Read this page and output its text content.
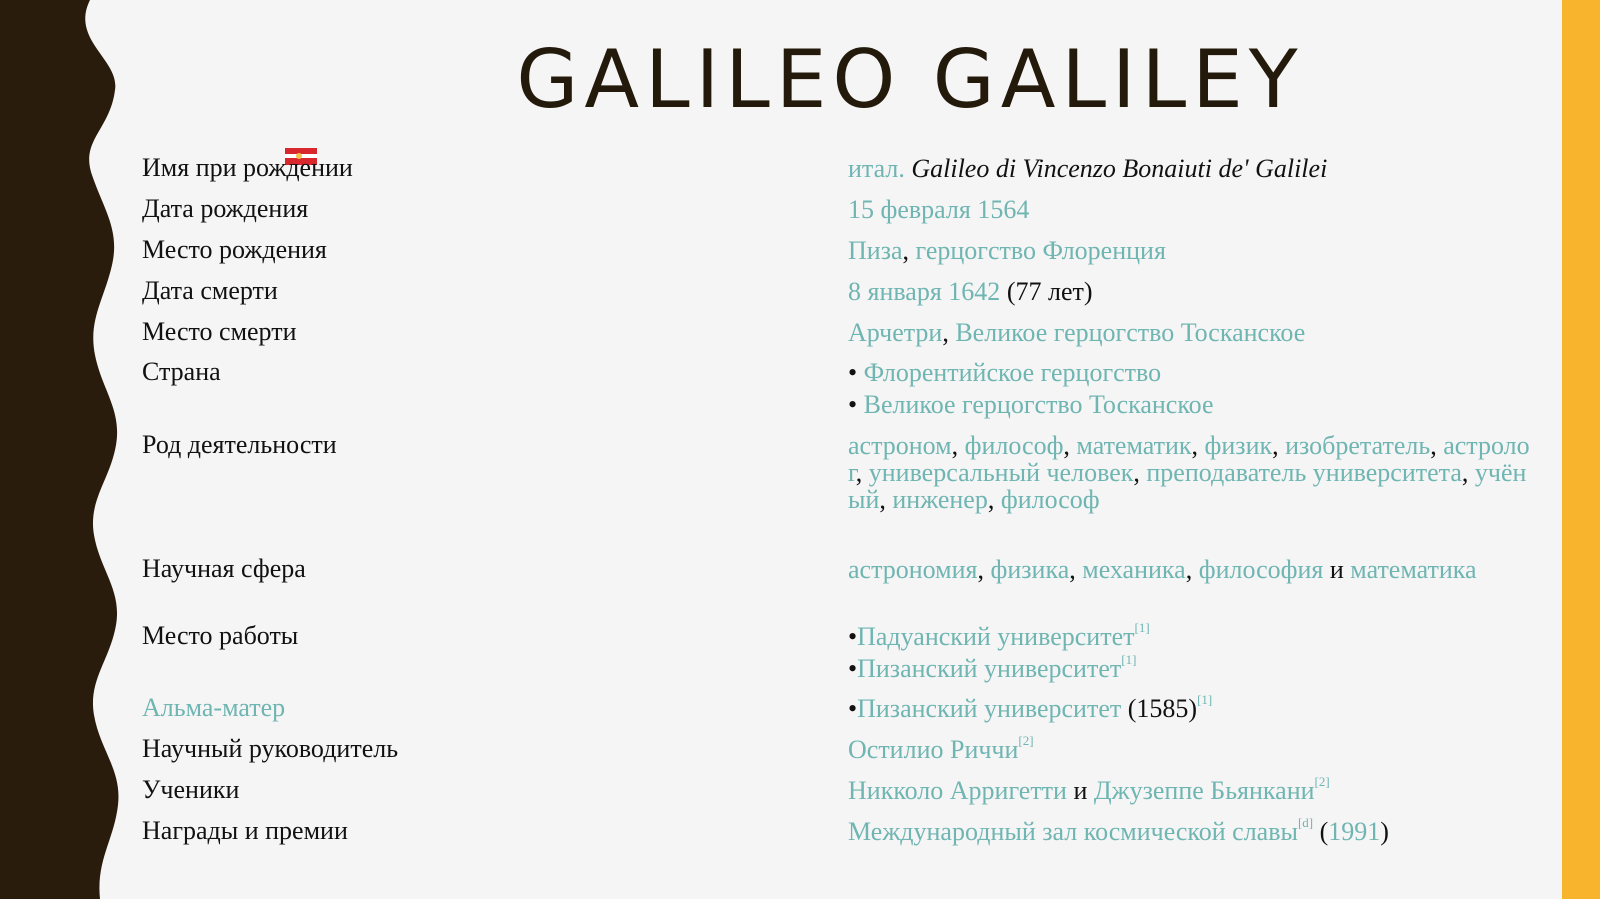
GALILEO GALILEY
Имя при рождении
Дата рождения
Место рождения
Дата смерти
Место смерти
Страна
Род деятельности
Научная сфера
Место работы
Альма-матер
Научный руководитель
Ученики
Награды и премии
итал. Galileo di Vincenzo Bonaiuti de' Galilei
15 февраля 1564
Пиза, герцогство Флоренция
8 января 1642 (77 лет)
Арчетри, Великое герцогство Тосканское
• Флорентийское герцогство
• Великое герцогство Тосканское
астроном, философ, математик, физик, изобретатель, астролог, универсальный человек, преподаватель университета, учёный, инженер, философ
астрономия, физика, механика, философия и математика
•Падуанский университет[1]
•Пизанский университет[1]
•Пизанский университет (1585)[1]
Остилио Риччи[2]
Никколо Арригетти и Джузеппе Бьянкани[2]
Международный зал космической славы[d] (1991)
